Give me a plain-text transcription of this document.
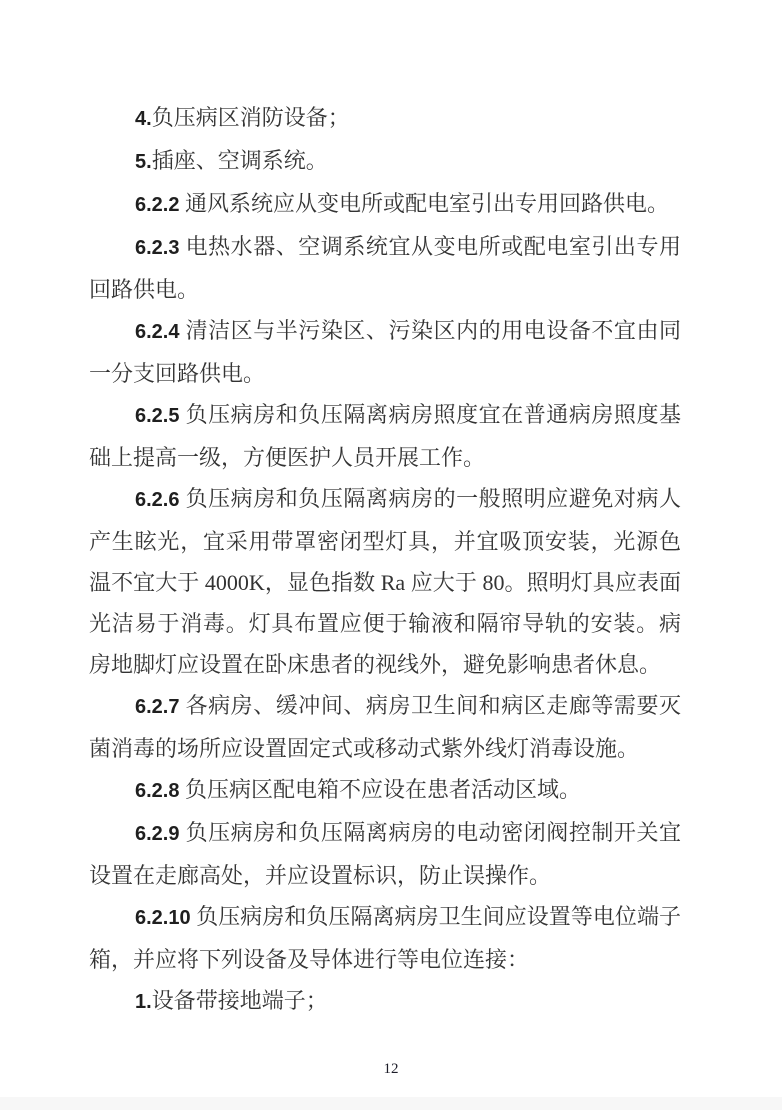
4.负压病区消防设备；

5.插座、空调系统。

6.2.2 通风系统应从变电所或配电室引出专用回路供电。

6.2.3 电热水器、空调系统宜从变电所或配电室引出专用回路供电。

6.2.4 清洁区与半污染区、污染区内的用电设备不宜由同一分支回路供电。

6.2.5 负压病房和负压隔离病房照度宜在普通病房照度基础上提高一级，方便医护人员开展工作。

6.2.6 负压病房和负压隔离病房的一般照明应避免对病人产生眩光，宜采用带罩密闭型灯具，并宜吸顶安装，光源色温不宜大于 4000K，显色指数 Ra 应大于 80。照明灯具应表面光洁易于消毒。灯具布置应便于输液和隔帘导轨的安装。病房地脚灯应设置在卧床患者的视线外，避免影响患者休息。

6.2.7 各病房、缓冲间、病房卫生间和病区走廊等需要灭菌消毒的场所应设置固定式或移动式紫外线灯消毒设施。

6.2.8 负压病区配电箱不应设在患者活动区域。

6.2.9 负压病房和负压隔离病房的电动密闭阀控制开关宜设置在走廊高处，并应设置标识，防止误操作。

6.2.10 负压病房和负压隔离病房卫生间应设置等电位端子箱，并应将下列设备及导体进行等电位连接：

1.设备带接地端子；

12
